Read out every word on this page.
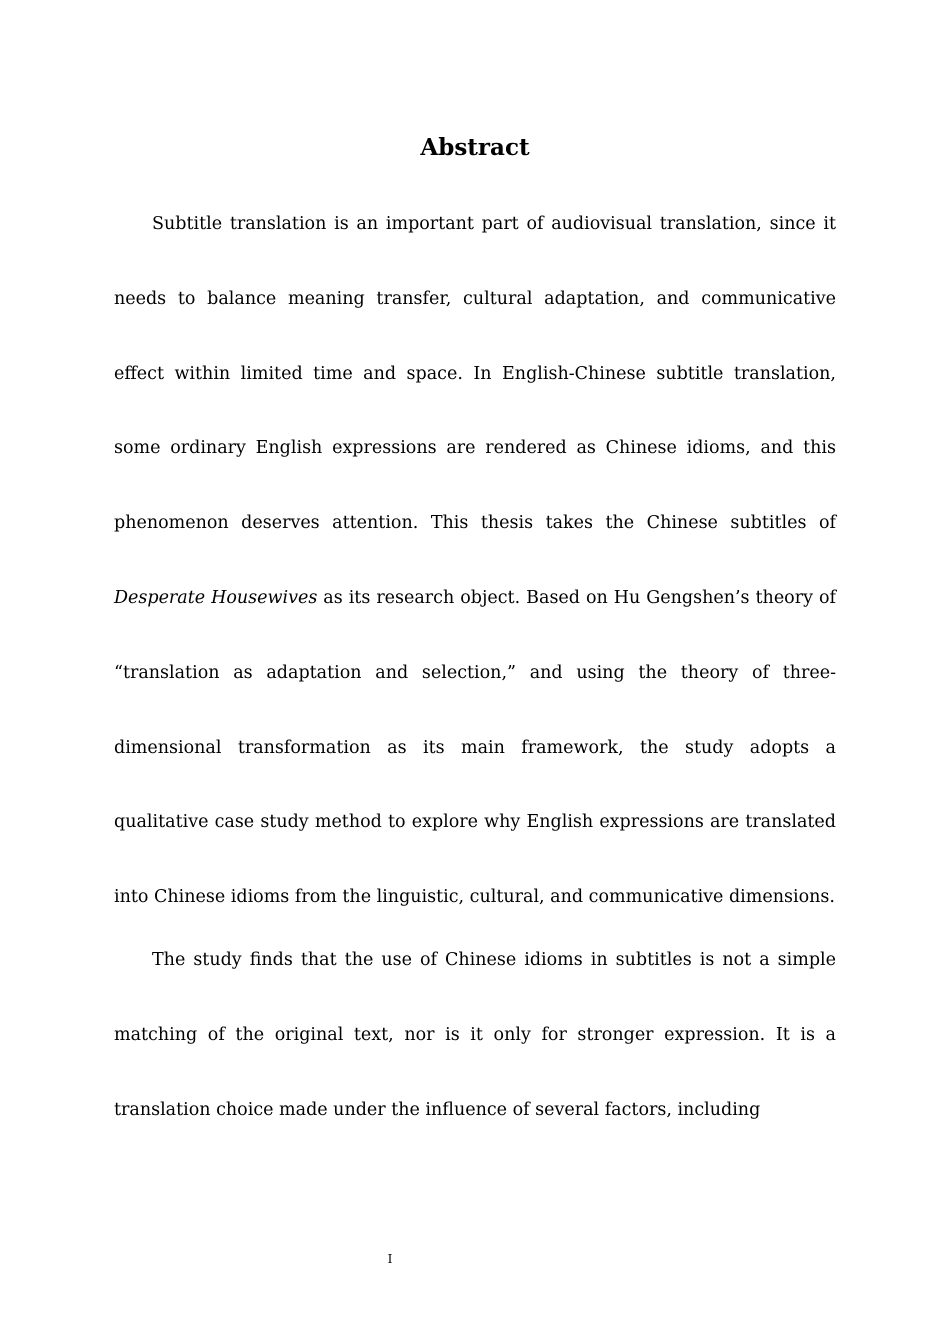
Abstract

Subtitle translation is an important part of audiovisual translation, since it needs to balance meaning transfer, cultural adaptation, and communicative effect within limited time and space. In English-Chinese subtitle translation, some ordinary English expressions are rendered as Chinese idioms, and this phenomenon deserves attention. This thesis takes the Chinese subtitles of Desperate Housewives as its research object. Based on Hu Gengshen’s theory of “translation as adaptation and selection,” and using the theory of three-dimensional transformation as its main framework, the study adopts a qualitative case study method to explore why English expressions are translated into Chinese idioms from the linguistic, cultural, and communicative dimensions.

The study finds that the use of Chinese idioms in subtitles is not a simple matching of the original text, nor is it only for stronger expression. It is a translation choice made under the influence of several factors, including

I
